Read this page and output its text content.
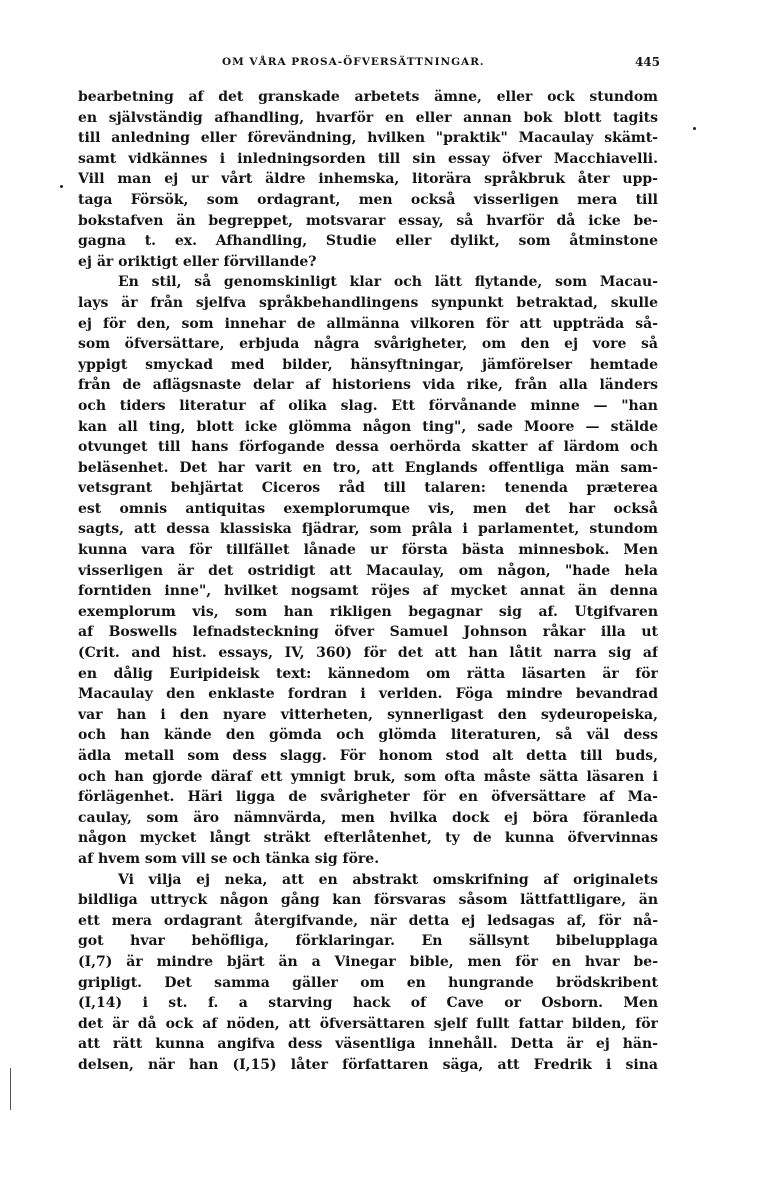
OM VÅRA PROSA-ÖFVERSÄTTNINGAR.	445
bearbetning af det granskade arbetets ämne, eller ock stundom
en självständig afhandling, hvarför en eller annan bok blott tagits
till anledning eller förevändning, hvilken "praktik" Macaulay skämt-
samt vidkännes i inledningsorden till sin essay öfver Macchiavelli.
Vill man ej ur vårt äldre inhemska, litorära språkbruk åter upp-
taga Försök, som ordagrant, men också visserligen mera till
bokstafven än begreppet, motsvarar essay, så hvarför då icke be-
gagna t. ex. Afhandling, Studie eller dylikt, som åtminstone
ej är oriktigt eller förvillande?
En stil, så genomskinligt klar och lätt flytande, som Macau-
lays är från sjelfva språkbehandlingens synpunkt betraktad, skulle
ej för den, som innehar de allmänna vilkoren för att uppträda så-
som öfversättare, erbjuda några svårigheter, om den ej vore så
yppigt smyckad med bilder, hänsyftningar, jämförelser hemtade
från de aflägsnaste delar af historiens vida rike, från alla länders
och tiders literatur af olika slag. Ett förvånande minne — "han
kan all ting, blott icke glömma någon ting", sade Moore — stälde
otvunget till hans förfogande dessa oerhörda skatter af lärdom och
beläsenhet. Det har varit en tro, att Englands offentliga män sam-
vetsgrant behjärtat Ciceros råd till talaren: tenenda præterea
est omnis antiquitas exemplorumque vis, men det har också
sagts, att dessa klassiska fjädrar, som prâla i parlamentet, stundom
kunna vara för tillfället lånade ur första bästa minnesbok. Men
visserligen är det ostridigt att Macaulay, om någon, "hade hela
forntiden inne", hvilket nogsamt röjes af mycket annat än denna
exemplorum vis, som han rikligen begagnar sig af. Utgifvaren
af Boswells lefnadsteckning öfver Samuel Johnson råkar illa ut
(Crit. and hist. essays, IV, 360) för det att han låtit narra sig af
en dålig Euripideisk text: kännedom om rätta läsarten är för
Macaulay den enklaste fordran i verlden. Föga mindre bevandrad
var han i den nyare vitterheten, synnerligast den sydeuropeiska,
och han kände den gömda och glömda literaturen, så väl dess
ädla metall som dess slagg. För honom stod alt detta till buds,
och han gjorde däraf ett ymnigt bruk, som ofta måste sätta läsaren i
förlägenhet. Häri ligga de svårigheter för en öfversättare af Ma-
caulay, som äro nämnvärda, men hvilka dock ej böra föranleda
någon mycket långt sträkt efterlåtenhet, ty de kunna öfvervinnas
af hvem som vill se och tänka sig före.
Vi vilja ej neka, att en abstrakt omskrifning af originalets
bildliga uttryck någon gång kan försvaras såsom lättfattligare, än
ett mera ordagrant återgifvande, när detta ej ledsagas af, för nå-
got hvar behöfliga, förklaringar. En sällsynt bibelupplaga
(I,7) är mindre bjärt än a Vinegar bible, men för en hvar be-
gripligt. Det samma gäller om en hungrande brödskribent
(I,14) i st. f. a starving hack of Cave or Osborn. Men
det är då ock af nöden, att öfversättaren sjelf fullt fattar bilden, för
att rätt kunna angifva dess väsentliga innehåll. Detta är ej hän-
delsen, när han (I,15) låter författaren säga, att Fredrik i sina
